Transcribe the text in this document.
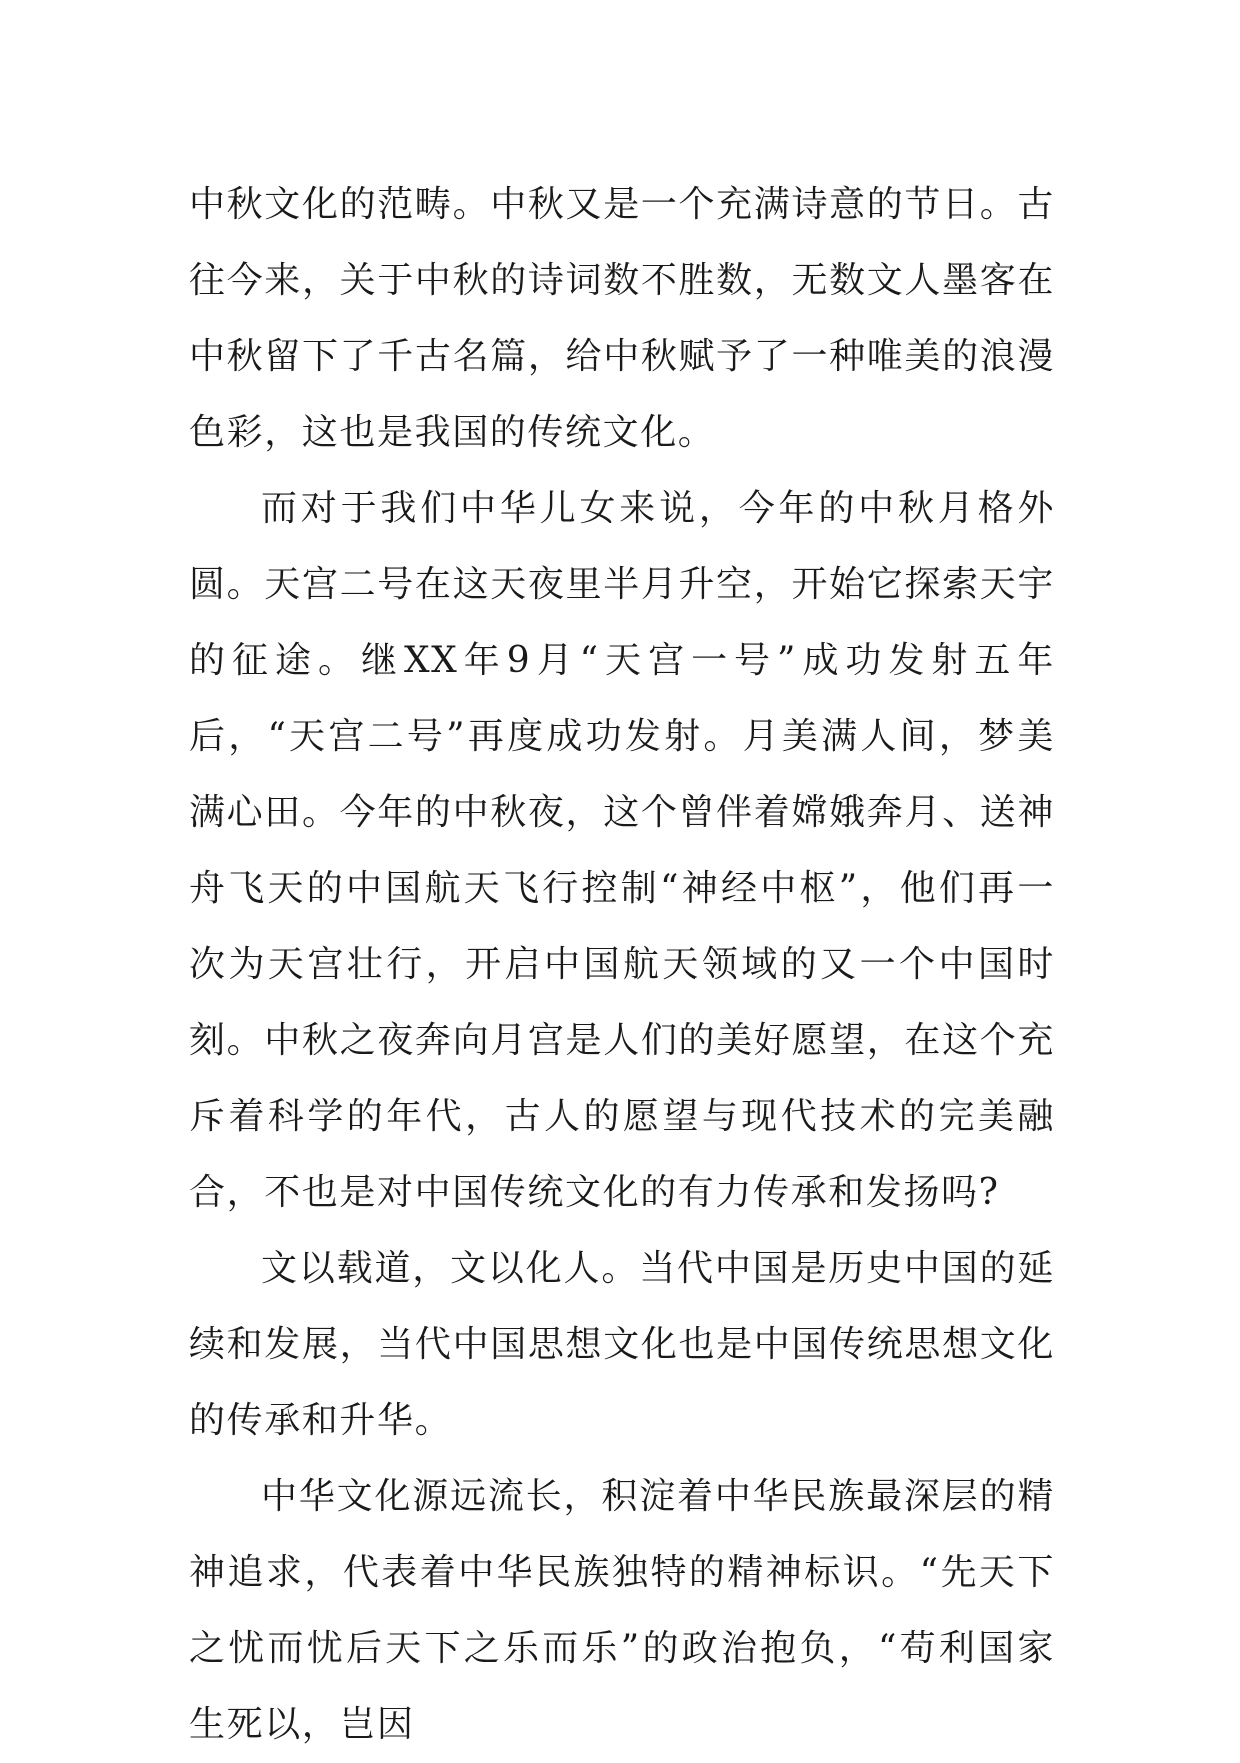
中秋文化的范畴。中秋又是一个充满诗意的节日。古往今来，关于中秋的诗词数不胜数，无数文人墨客在中秋留下了千古名篇，给中秋赋予了一种唯美的浪漫色彩，这也是我国的传统文化。

而对于我们中华儿女来说，今年的中秋月格外圆。天宫二号在这天夜里半月升空，开始它探索天宇的征途。继XX年9月“天宫一号”成功发射五年后，“天宫二号”再度成功发射。月美满人间，梦美满心田。今年的中秋夜，这个曾伴着嫦娥奔月、送神舟飞天的中国航天飞行控制“神经中枢”，他们再一次为天宫壮行，开启中国航天领域的又一个中国时刻。中秋之夜奔向月宫是人们的美好愿望，在这个充斥着科学的年代，古人的愿望与现代技术的完美融合，不也是对中国传统文化的有力传承和发扬吗?

文以载道，文以化人。当代中国是历史中国的延续和发展，当代中国思想文化也是中国传统思想文化的传承和升华。

中华文化源远流长，积淀着中华民族最深层的精神追求，代表着中华民族独特的精神标识。“先天下之忧而忧后天下之乐而乐”的政治抱负，“苟利国家生死以，岂因
